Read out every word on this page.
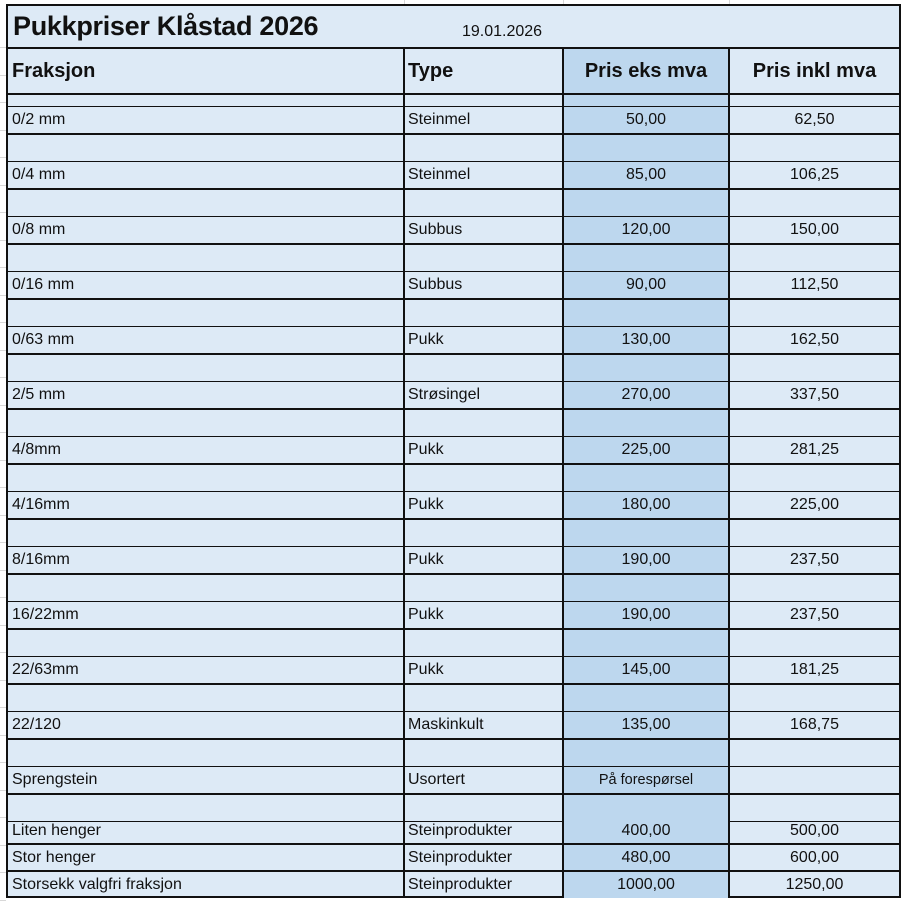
Pukkpriser Klåstad 2026	19.01.2026
Fraksjon	Type	Pris eks mva	Pris inkl mva
0/2 mm	Steinmel	50,00	62,50
0/4 mm	Steinmel	85,00	106,25
0/8 mm	Subbus	120,00	150,00
0/16 mm	Subbus	90,00	112,50
0/63 mm	Pukk	130,00	162,50
2/5 mm	Strøsingel	270,00	337,50
4/8mm	Pukk	225,00	281,25
4/16mm	Pukk	180,00	225,00
8/16mm	Pukk	190,00	237,50
16/22mm	Pukk	190,00	237,50
22/63mm	Pukk	145,00	181,25
22/120	Maskinkult	135,00	168,75
Sprengstein	Usortert	På forespørsel
Liten henger	Steinprodukter	400,00	500,00
Stor henger	Steinprodukter	480,00	600,00
Storsekk valgfri fraksjon	Steinprodukter	1000,00	1250,00
